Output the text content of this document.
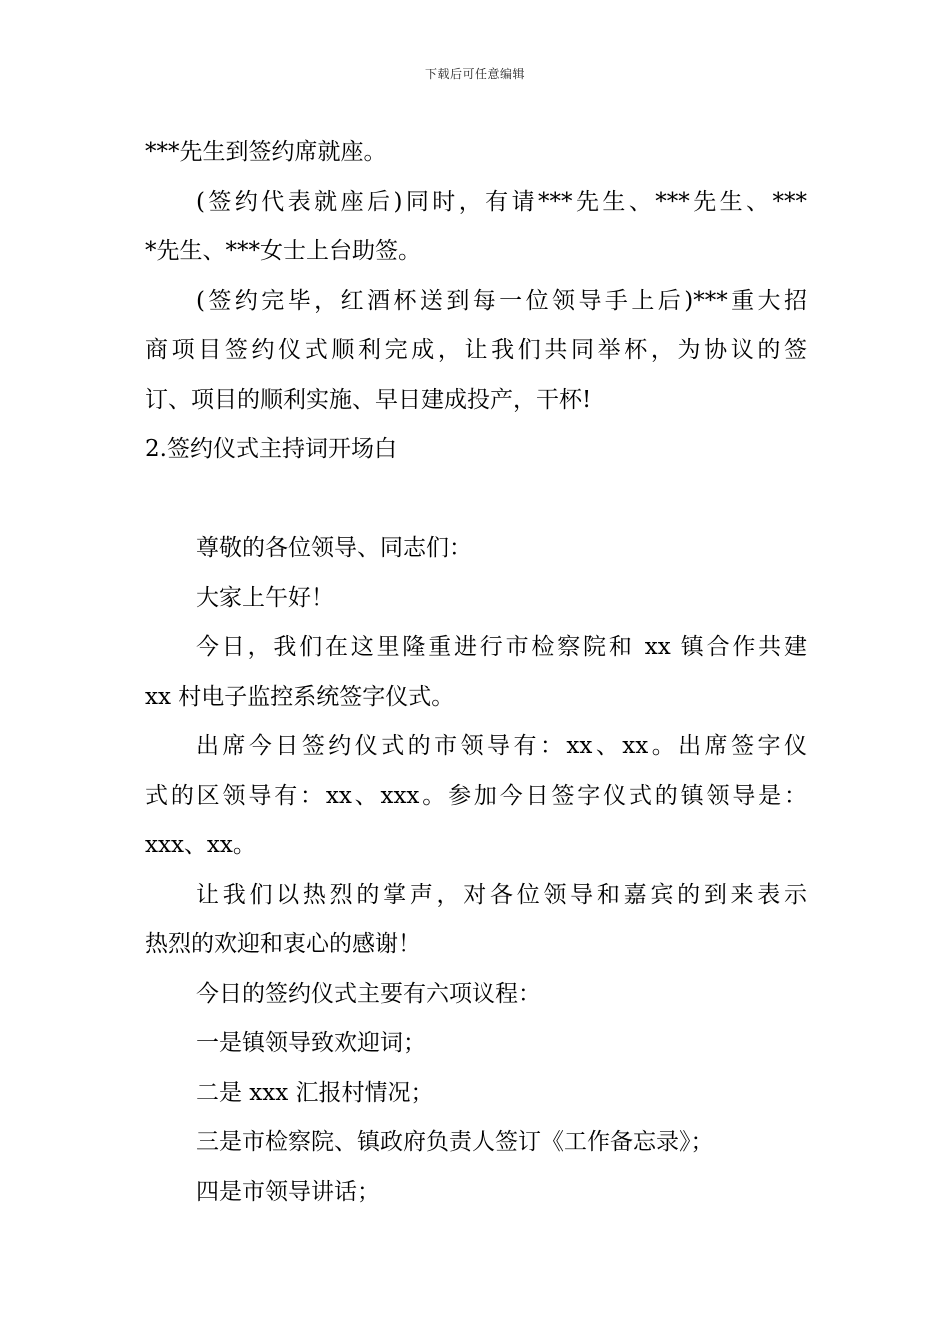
下载后可任意编辑
***先生到签约席就座。
(签约代表就座后)同时，有请***先生、***先生、***
*先生、***女士上台助签。
(签约完毕，红酒杯送到每一位领导手上后)***重大招
商项目签约仪式顺利完成，让我们共同举杯，为协议的签
订、项目的顺利实施、早日建成投产，干杯!
2.签约仪式主持词开场白
尊敬的各位领导、同志们：
大家上午好！
今日，我们在这里隆重进行市检察院和 xx 镇合作共建
xx 村电子监控系统签字仪式。
出席今日签约仪式的市领导有：xx、xx。出席签字仪
式的区领导有：xx、xxx。参加今日签字仪式的镇领导是：
xxx、xx。
让我们以热烈的掌声，对各位领导和嘉宾的到来表示
热烈的欢迎和衷心的感谢！
今日的签约仪式主要有六项议程：
一是镇领导致欢迎词；
二是 xxx 汇报村情况；
三是市检察院、镇政府负责人签订《工作备忘录》；
四是市领导讲话；
